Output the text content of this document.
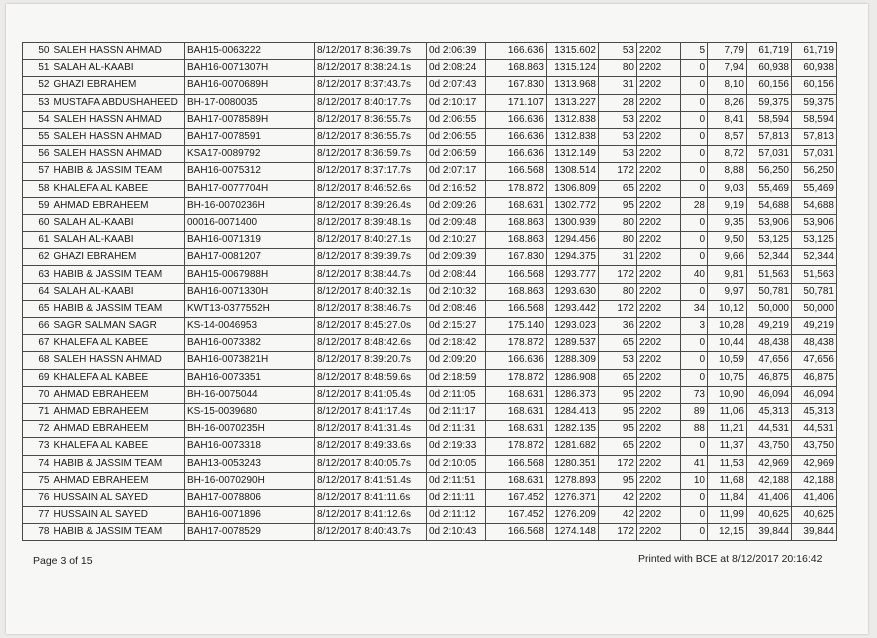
50	SALEH HASSN AHMAD	BAH15-0063222	8/12/2017 8:36:39.7s	0d 2:06:39	166.636	1315.602	53	2202	5	7,79	61,719	61,719
51	SALAH AL-KAABI	BAH16-0071307H	8/12/2017 8:38:24.1s	0d 2:08:24	168.863	1315.124	80	2202	0	7,94	60,938	60,938
52	GHAZI EBRAHEM	BAH16-0070689H	8/12/2017 8:37:43.7s	0d 2:07:43	167.830	1313.968	31	2202	0	8,10	60,156	60,156
53	MUSTAFA ABDUSHAHEED	BH-17-0080035	8/12/2017 8:40:17.7s	0d 2:10:17	171.107	1313.227	28	2202	0	8,26	59,375	59,375
54	SALEH HASSN AHMAD	BAH17-0078589H	8/12/2017 8:36:55.7s	0d 2:06:55	166.636	1312.838	53	2202	0	8,41	58,594	58,594
55	SALEH HASSN AHMAD	BAH17-0078591	8/12/2017 8:36:55.7s	0d 2:06:55	166.636	1312.838	53	2202	0	8,57	57,813	57,813
56	SALEH HASSN AHMAD	KSA17-0089792	8/12/2017 8:36:59.7s	0d 2:06:59	166.636	1312.149	53	2202	0	8,72	57,031	57,031
57	HABIB & JASSIM TEAM	BAH16-0075312	8/12/2017 8:37:17.7s	0d 2:07:17	166.568	1308.514	172	2202	0	8,88	56,250	56,250
58	KHALEFA AL KABEE	BAH17-0077704H	8/12/2017 8:46:52.6s	0d 2:16:52	178.872	1306.809	65	2202	0	9,03	55,469	55,469
59	AHMAD EBRAHEEM	BH-16-0070236H	8/12/2017 8:39:26.4s	0d 2:09:26	168.631	1302.772	95	2202	28	9,19	54,688	54,688
60	SALAH AL-KAABI	00016-0071400	8/12/2017 8:39:48.1s	0d 2:09:48	168.863	1300.939	80	2202	0	9,35	53,906	53,906
61	SALAH AL-KAABI	BAH16-0071319	8/12/2017 8:40:27.1s	0d 2:10:27	168.863	1294.456	80	2202	0	9,50	53,125	53,125
62	GHAZI EBRAHEM	BAH17-0081207	8/12/2017 8:39:39.7s	0d 2:09:39	167.830	1294.375	31	2202	0	9,66	52,344	52,344
63	HABIB & JASSIM TEAM	BAH15-0067988H	8/12/2017 8:38:44.7s	0d 2:08:44	166.568	1293.777	172	2202	40	9,81	51,563	51,563
64	SALAH AL-KAABI	BAH16-0071330H	8/12/2017 8:40:32.1s	0d 2:10:32	168.863	1293.630	80	2202	0	9,97	50,781	50,781
65	HABIB & JASSIM TEAM	KWT13-0377552H	8/12/2017 8:38:46.7s	0d 2:08:46	166.568	1293.442	172	2202	34	10,12	50,000	50,000
66	SAGR SALMAN SAGR	KS-14-0046953	8/12/2017 8:45:27.0s	0d 2:15:27	175.140	1293.023	36	2202	3	10,28	49,219	49,219
67	KHALEFA AL KABEE	BAH16-0073382	8/12/2017 8:48:42.6s	0d 2:18:42	178.872	1289.537	65	2202	0	10,44	48,438	48,438
68	SALEH HASSN AHMAD	BAH16-0073821H	8/12/2017 8:39:20.7s	0d 2:09:20	166.636	1288.309	53	2202	0	10,59	47,656	47,656
69	KHALEFA AL KABEE	BAH16-0073351	8/12/2017 8:48:59.6s	0d 2:18:59	178.872	1286.908	65	2202	0	10,75	46,875	46,875
70	AHMAD EBRAHEEM	BH-16-0075044	8/12/2017 8:41:05.4s	0d 2:11:05	168.631	1286.373	95	2202	73	10,90	46,094	46,094
71	AHMAD EBRAHEEM	KS-15-0039680	8/12/2017 8:41:17.4s	0d 2:11:17	168.631	1284.413	95	2202	89	11,06	45,313	45,313
72	AHMAD EBRAHEEM	BH-16-0070235H	8/12/2017 8:41:31.4s	0d 2:11:31	168.631	1282.135	95	2202	88	11,21	44,531	44,531
73	KHALEFA AL KABEE	BAH16-0073318	8/12/2017 8:49:33.6s	0d 2:19:33	178.872	1281.682	65	2202	0	11,37	43,750	43,750
74	HABIB & JASSIM TEAM	BAH13-0053243	8/12/2017 8:40:05.7s	0d 2:10:05	166.568	1280.351	172	2202	41	11,53	42,969	42,969
75	AHMAD EBRAHEEM	BH-16-0070290H	8/12/2017 8:41:51.4s	0d 2:11:51	168.631	1278.893	95	2202	10	11,68	42,188	42,188
76	HUSSAIN AL SAYED	BAH17-0078806	8/12/2017 8:41:11.6s	0d 2:11:11	167.452	1276.371	42	2202	0	11,84	41,406	41,406
77	HUSSAIN AL SAYED	BAH16-0071896	8/12/2017 8:41:12.6s	0d 2:11:12	167.452	1276.209	42	2202	0	11,99	40,625	40,625
78	HABIB & JASSIM TEAM	BAH17-0078529	8/12/2017 8:40:43.7s	0d 2:10:43	166.568	1274.148	172	2202	0	12,15	39,844	39,844
Page 3 of 15	Printed with BCE at 8/12/2017 20:16:42
